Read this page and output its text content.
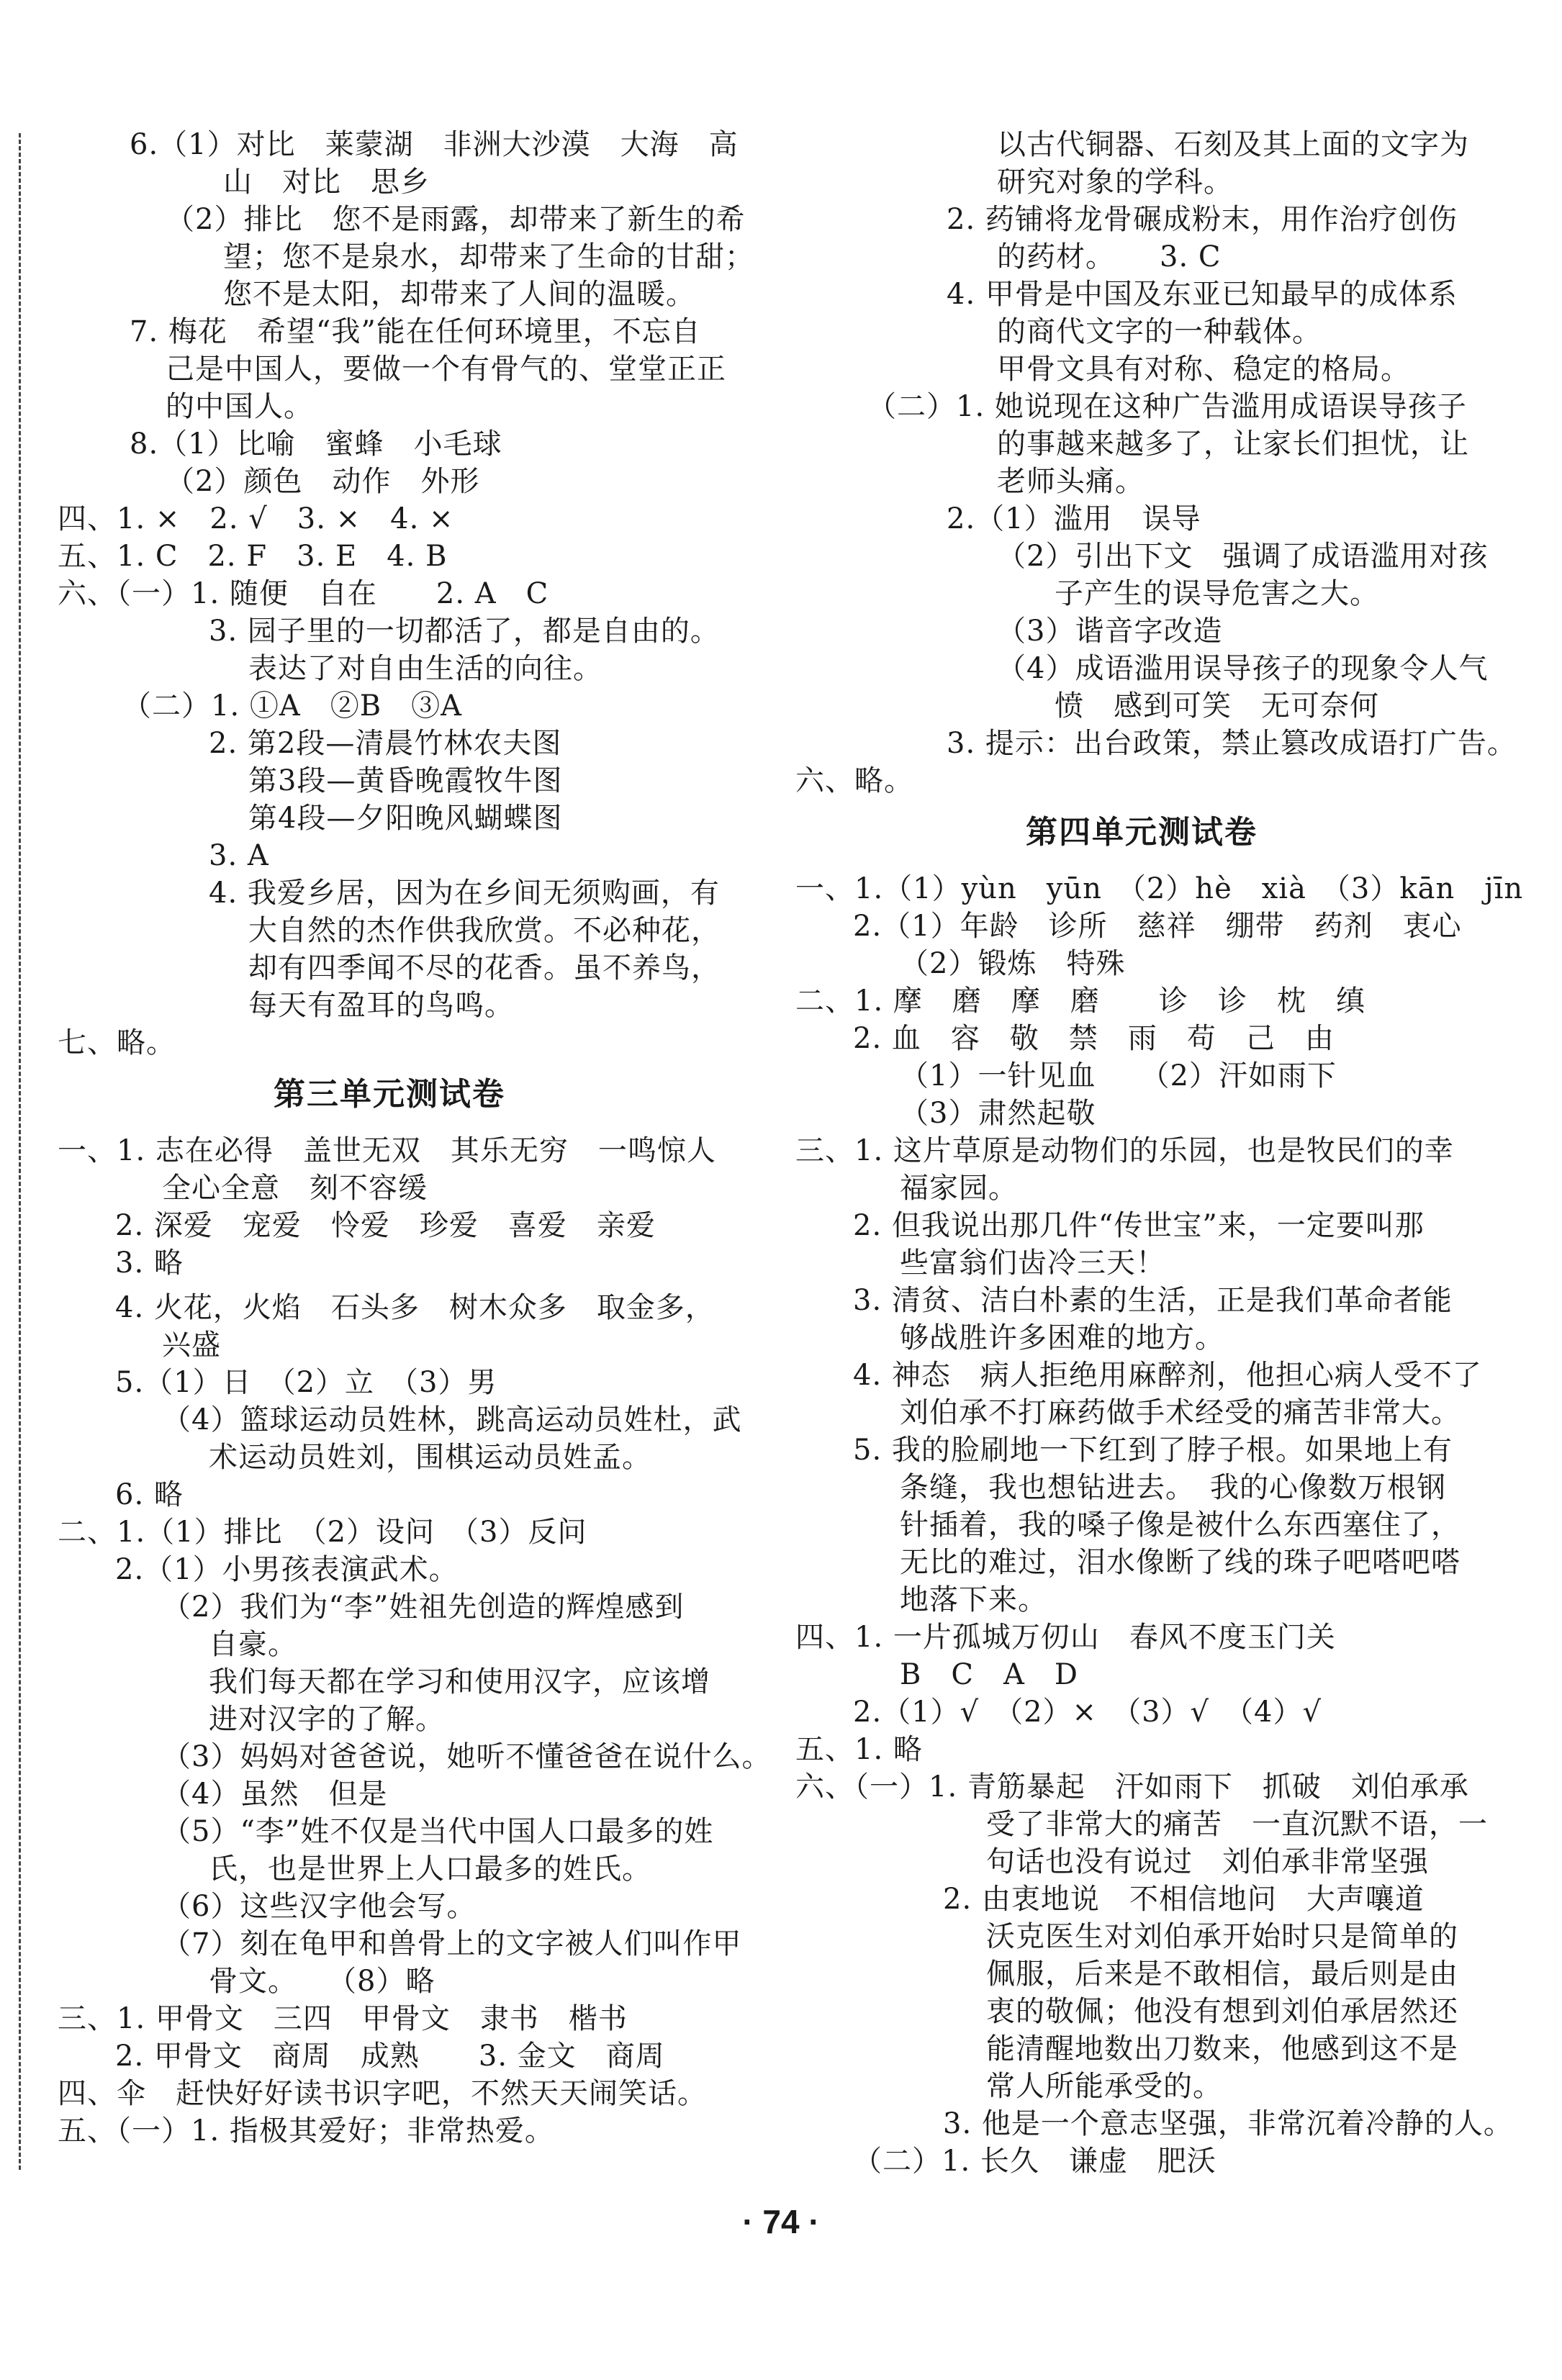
6.（1）对比　莱蒙湖　非洲大沙漠　大海　高
山　对比　思乡
（2）排比　您不是雨露，却带来了新生的希
望；您不是泉水，却带来了生命的甘甜；
您不是太阳，却带来了人间的温暖。
7. 梅花　希望“我”能在任何环境里，不忘自
己是中国人，要做一个有骨气的、堂堂正正
的中国人。
8.（1）比喻　蜜蜂　小毛球
（2）颜色　动作　外形
四、1. ×　2. √　3. ×　4. ×
五、1. C　2. F　3. E　4. B
六、（一）1. 随便　自在　　2. A　C
3. 园子里的一切都活了，都是自由的。
表达了对自由生活的向往。
（二）1. ①A　②B　③A
2. 第2段—清晨竹林农夫图
第3段—黄昏晚霞牧牛图
第4段—夕阳晚风蝴蝶图
3. A
4. 我爱乡居，因为在乡间无须购画，有
大自然的杰作供我欣赏。不必种花，
却有四季闻不尽的花香。虽不养鸟，
每天有盈耳的鸟鸣。
七、略。
第三单元测试卷
一、1. 志在必得　盖世无双　其乐无穷　一鸣惊人
全心全意　刻不容缓
2. 深爱　宠爱　怜爱　珍爱　喜爱　亲爱
3. 略
4. 火花，火焰　石头多　树木众多　取金多，
兴盛
5.（1）日　（2）立　（3）男
（4）篮球运动员姓林，跳高运动员姓杜，武
术运动员姓刘，围棋运动员姓孟。
6. 略
二、1.（1）排比　（2）设问　（3）反问
2.（1）小男孩表演武术。
（2）我们为“李”姓祖先创造的辉煌感到
自豪。
我们每天都在学习和使用汉字，应该增
进对汉字的了解。
（3）妈妈对爸爸说，她听不懂爸爸在说什么。
（4）虽然　但是
（5）“李”姓不仅是当代中国人口最多的姓
氏，也是世界上人口最多的姓氏。
（6）这些汉字他会写。
（7）刻在龟甲和兽骨上的文字被人们叫作甲
骨文。　　（8）略
三、1. 甲骨文　三四　甲骨文　隶书　楷书
2. 甲骨文　商周　成熟　　3. 金文　商周
四、伞　赶快好好读书识字吧，不然天天闹笑话。
五、（一）1. 指极其爱好；非常热爱。
以古代铜器、石刻及其上面的文字为
研究对象的学科。
2. 药铺将龙骨碾成粉末，用作治疗创伤
的药材。　　3. C
4. 甲骨是中国及东亚已知最早的成体系
的商代文字的一种载体。
甲骨文具有对称、稳定的格局。
（二）1. 她说现在这种广告滥用成语误导孩子
的事越来越多了，让家长们担忧，让
老师头痛。
2.（1）滥用　误导
（2）引出下文　强调了成语滥用对孩
子产生的误导危害之大。
（3）谐音字改造
（4）成语滥用误导孩子的现象令人气
愤　感到可笑　无可奈何
3. 提示：出台政策，禁止篡改成语打广告。
六、略。
第四单元测试卷
一、1.（1）yùn　yūn　（2）hè　xià　（3）kān　jīn
2.（1）年龄　诊所　慈祥　绷带　药剂　衷心
（2）锻炼　特殊
二、1. 摩　磨　摩　磨　　诊　诊　枕　缜
2. 血　容　敬　禁　雨　苟　己　由
（1）一针见血　　（2）汗如雨下
（3）肃然起敬
三、1. 这片草原是动物们的乐园，也是牧民们的幸
福家园。
2. 但我说出那几件“传世宝”来，一定要叫那
些富翁们齿冷三天！
3. 清贫、洁白朴素的生活，正是我们革命者能
够战胜许多困难的地方。
4. 神态　病人拒绝用麻醉剂，他担心病人受不了
刘伯承不打麻药做手术经受的痛苦非常大。
5. 我的脸刷地一下红到了脖子根。如果地上有
条缝，我也想钻进去。　我的心像数万根钢
针插着，我的嗓子像是被什么东西塞住了，
无比的难过，泪水像断了线的珠子吧嗒吧嗒
地落下来。
四、1. 一片孤城万仞山　春风不度玉门关
B　C　A　D
2.（1）√　（2）×　（3）√　（4）√
五、1. 略
六、（一）1. 青筋暴起　汗如雨下　抓破　刘伯承承
受了非常大的痛苦　一直沉默不语，一
句话也没有说过　刘伯承非常坚强
2. 由衷地说　不相信地问　大声嚷道
沃克医生对刘伯承开始时只是简单的
佩服，后来是不敢相信，最后则是由
衷的敬佩；他没有想到刘伯承居然还
能清醒地数出刀数来，他感到这不是
常人所能承受的。
3. 他是一个意志坚强，非常沉着冷静的人。
（二）1. 长久　谦虚　肥沃
· 74 ·
